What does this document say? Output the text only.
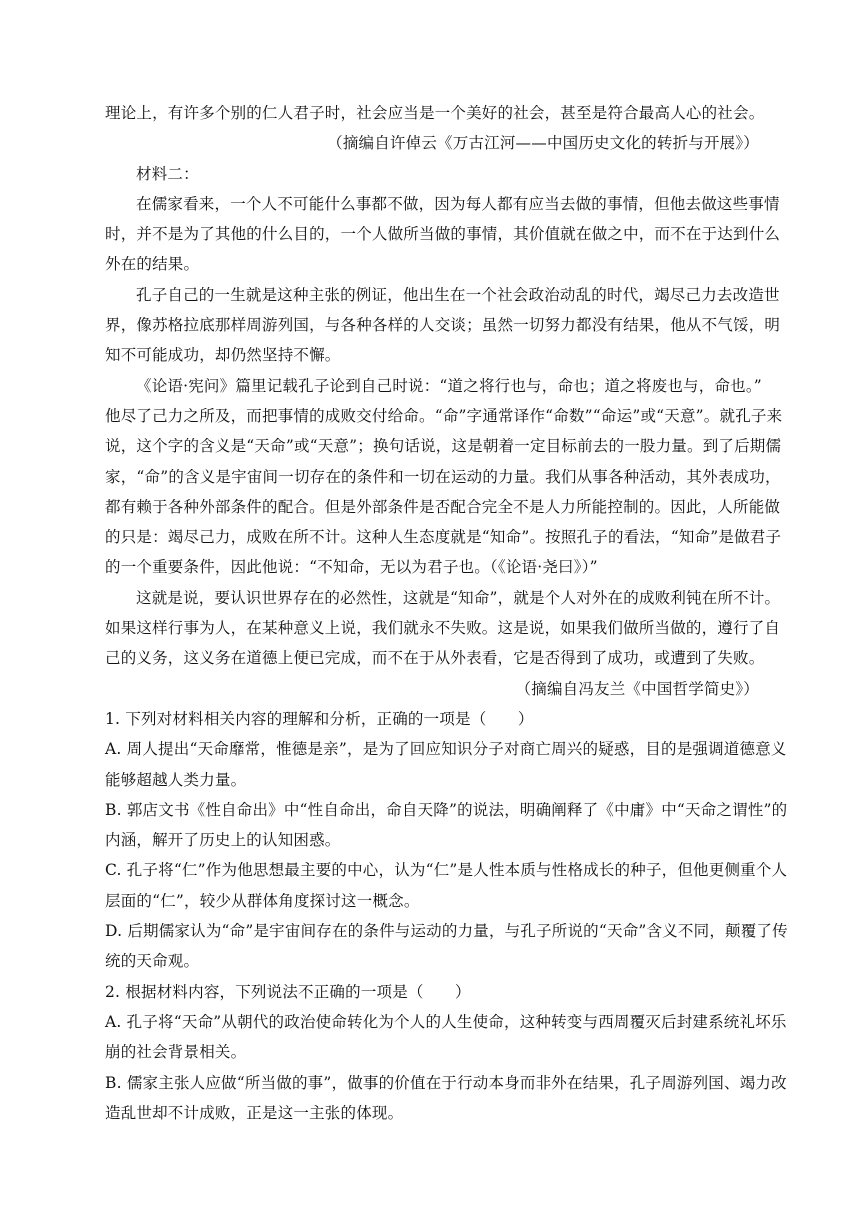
理论上，有许多个别的仁人君子时，社会应当是一个美好的社会，甚至是符合最高人心的社会。
（摘编自许倬云《万古江河——中国历史文化的转折与开展》）
材料二：
在儒家看来，一个人不可能什么事都不做，因为每人都有应当去做的事情，但他去做这些事情
时，并不是为了其他的什么目的，一个人做所当做的事情，其价值就在做之中，而不在于达到什么
外在的结果。
孔子自己的一生就是这种主张的例证，他出生在一个社会政治动乱的时代，竭尽己力去改造世
界，像苏格拉底那样周游列国，与各种各样的人交谈；虽然一切努力都没有结果，他从不气馁，明
知不可能成功，却仍然坚持不懈。
《论语·宪问》篇里记载孔子论到自己时说：“道之将行也与，命也；道之将废也与，命也。”
他尽了己力之所及，而把事情的成败交付给命。“命”字通常译作“命数”“命运”或“天意”。就孔子来
说，这个字的含义是“天命”或“天意”；换句话说，这是朝着一定目标前去的一股力量。到了后期儒
家，“命”的含义是宇宙间一切存在的条件和一切在运动的力量。我们从事各种活动，其外表成功，
都有赖于各种外部条件的配合。但是外部条件是否配合完全不是人力所能控制的。因此，人所能做
的只是：竭尽己力，成败在所不计。这种人生态度就是“知命”。按照孔子的看法，“知命”是做君子
的一个重要条件，因此他说：“不知命，无以为君子也。（《论语·尧曰》）”
这就是说，要认识世界存在的必然性，这就是“知命”，就是个人对外在的成败利钝在所不计。
如果这样行事为人，在某种意义上说，我们就永不失败。这是说，如果我们做所当做的，遵行了自
己的义务，这义务在道德上便已完成，而不在于从外表看，它是否得到了成功，或遭到了失败。
（摘编自冯友兰《中国哲学简史》）
1. 下列对材料相关内容的理解和分析，正确的一项是（　　）
A. 周人提出“天命靡常，惟德是亲”，是为了回应知识分子对商亡周兴的疑惑，目的是强调道德意义
能够超越人类力量。
B. 郭店文书《性自命出》中“性自命出，命自天降”的说法，明确阐释了《中庸》中“天命之谓性”的
内涵，解开了历史上的认知困惑。
C. 孔子将“仁”作为他思想最主要的中心，认为“仁”是人性本质与性格成长的种子，但他更侧重个人
层面的“仁”，较少从群体角度探讨这一概念。
D. 后期儒家认为“命”是宇宙间存在的条件与运动的力量，与孔子所说的“天命”含义不同，颠覆了传
统的天命观。
2. 根据材料内容，下列说法不正确的一项是（　　）
A. 孔子将“天命”从朝代的政治使命转化为个人的人生使命，这种转变与西周覆灭后封建系统礼坏乐
崩的社会背景相关。
B. 儒家主张人应做“所当做的事”，做事的价值在于行动本身而非外在结果，孔子周游列国、竭力改
造乱世却不计成败，正是这一主张的体现。
